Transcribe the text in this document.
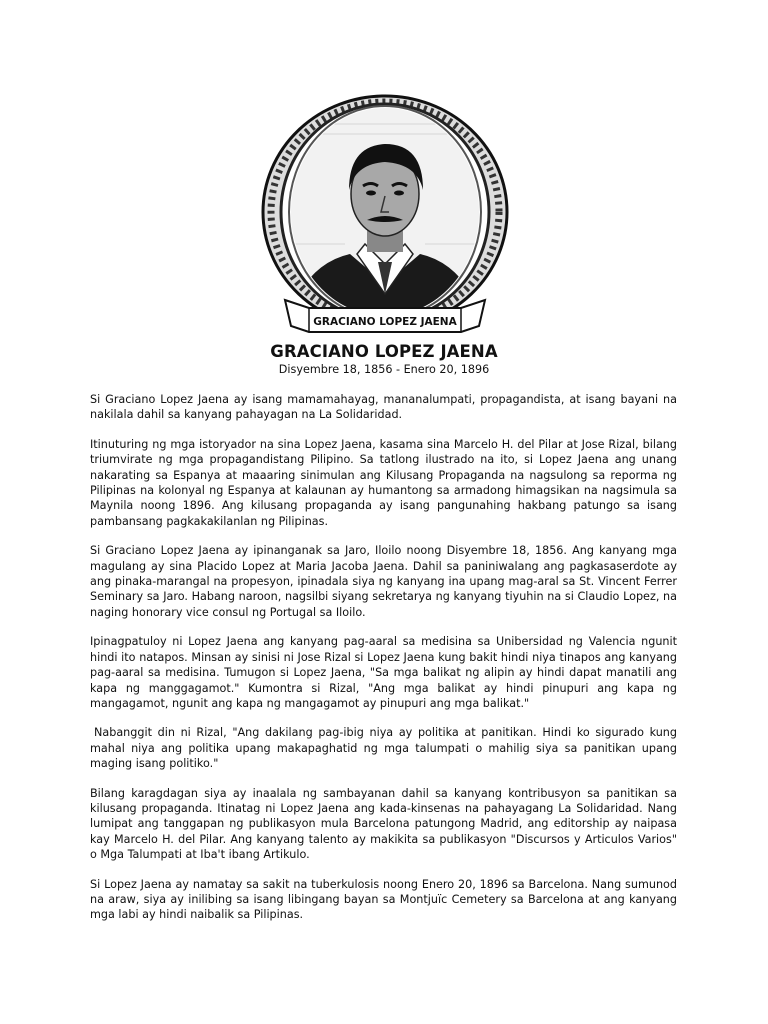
GRACIANO LOPEZ JAENA
GRACIANO LOPEZ JAENA
Disyembre 18, 1856 - Enero 20, 1896

Si Graciano Lopez Jaena ay isang mamamahayag, mananalumpati, propagandista, at isang bayani na nakilala dahil sa kanyang pahayagan na La Solidaridad.

Itinuturing ng mga istoryador na sina Lopez Jaena, kasama sina Marcelo H. del Pilar at Jose Rizal, bilang triumvirate ng mga propagandistang Pilipino. Sa tatlong ilustrado na ito, si Lopez Jaena ang unang nakarating sa Espanya at maaaring sinimulan ang Kilusang Propaganda na nagsulong sa reporma ng Pilipinas na kolonyal ng Espanya at kalaunan ay humantong sa armadong himagsikan na nagsimula sa Maynila noong 1896. Ang kilusang propaganda ay isang pangunahing hakbang patungo sa isang pambansang pagkakakilanlan ng Pilipinas.

Si Graciano Lopez Jaena ay ipinanganak sa Jaro, Iloilo noong Disyembre 18, 1856. Ang kanyang mga magulang ay sina Placido Lopez at Maria Jacoba Jaena. Dahil sa paniniwalang ang pagkasaserdote ay ang pinaka-marangal na propesyon, ipinadala siya ng kanyang ina upang mag-aral sa St. Vincent Ferrer Seminary sa Jaro. Habang naroon, nagsilbi siyang sekretarya ng kanyang tiyuhin na si Claudio Lopez, na naging honorary vice consul ng Portugal sa Iloilo.

Ipinagpatuloy ni Lopez Jaena ang kanyang pag-aaral sa medisina sa Unibersidad ng Valencia ngunit hindi ito natapos. Minsan ay sinisi ni Jose Rizal si Lopez Jaena kung bakit hindi niya tinapos ang kanyang pag-aaral sa medisina. Tumugon si Lopez Jaena, "Sa mga balikat ng alipin ay hindi dapat manatili ang kapa ng manggagamot." Kumontra si Rizal, "Ang mga balikat ay hindi pinupuri ang kapa ng mangagamot, ngunit ang kapa ng mangagamot ay pinupuri ang mga balikat."

Nabanggit din ni Rizal, "Ang dakilang pag-ibig niya ay politika at panitikan. Hindi ko sigurado kung mahal niya ang politika upang makapaghatid ng mga talumpati o mahilig siya sa panitikan upang maging isang politiko."

Bilang karagdagan siya ay inaalala ng sambayanan dahil sa kanyang kontribusyon sa panitikan sa kilusang propaganda. Itinatag ni Lopez Jaena ang kada-kinsenas na pahayagang La Solidaridad. Nang lumipat ang tanggapan ng publikasyon mula Barcelona patungong Madrid, ang editorship ay naipasa kay Marcelo H. del Pilar. Ang kanyang talento ay makikita sa publikasyon "Discursos y Articulos Varios" o Mga Talumpati at Iba't ibang Artikulo.

Si Lopez Jaena ay namatay sa sakit na tuberkulosis noong Enero 20, 1896 sa Barcelona. Nang sumunod na araw, siya ay inilibing sa isang libingang bayan sa Montjuïc Cemetery sa Barcelona at ang kanyang mga labi ay hindi naibalik sa Pilipinas.
